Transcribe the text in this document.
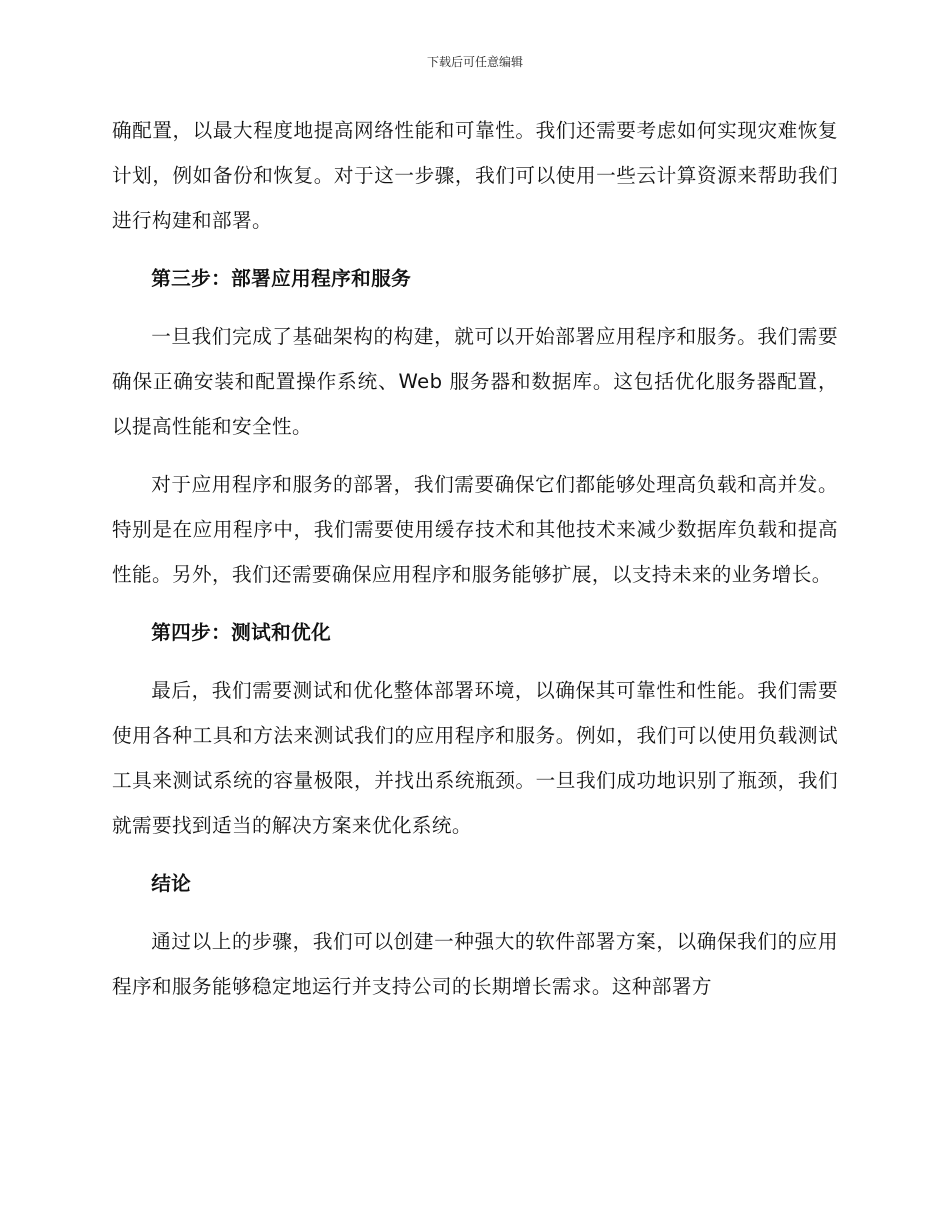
下载后可任意编辑

确配置，以最大程度地提高网络性能和可靠性。我们还需要考虑如何实现灾难恢复计划，例如备份和恢复。对于这一步骤，我们可以使用一些云计算资源来帮助我们进行构建和部署。

第三步：部署应用程序和服务

一旦我们完成了基础架构的构建，就可以开始部署应用程序和服务。我们需要确保正确安装和配置操作系统、Web 服务器和数据库。这包括优化服务器配置，以提高性能和安全性。

对于应用程序和服务的部署，我们需要确保它们都能够处理高负载和高并发。特别是在应用程序中，我们需要使用缓存技术和其他技术来减少数据库负载和提高性能。另外，我们还需要确保应用程序和服务能够扩展，以支持未来的业务增长。

第四步：测试和优化

最后，我们需要测试和优化整体部署环境，以确保其可靠性和性能。我们需要使用各种工具和方法来测试我们的应用程序和服务。例如，我们可以使用负载测试工具来测试系统的容量极限，并找出系统瓶颈。一旦我们成功地识别了瓶颈，我们就需要找到适当的解决方案来优化系统。

结论

通过以上的步骤，我们可以创建一种强大的软件部署方案，以确保我们的应用程序和服务能够稳定地运行并支持公司的长期增长需求。这种部署方
